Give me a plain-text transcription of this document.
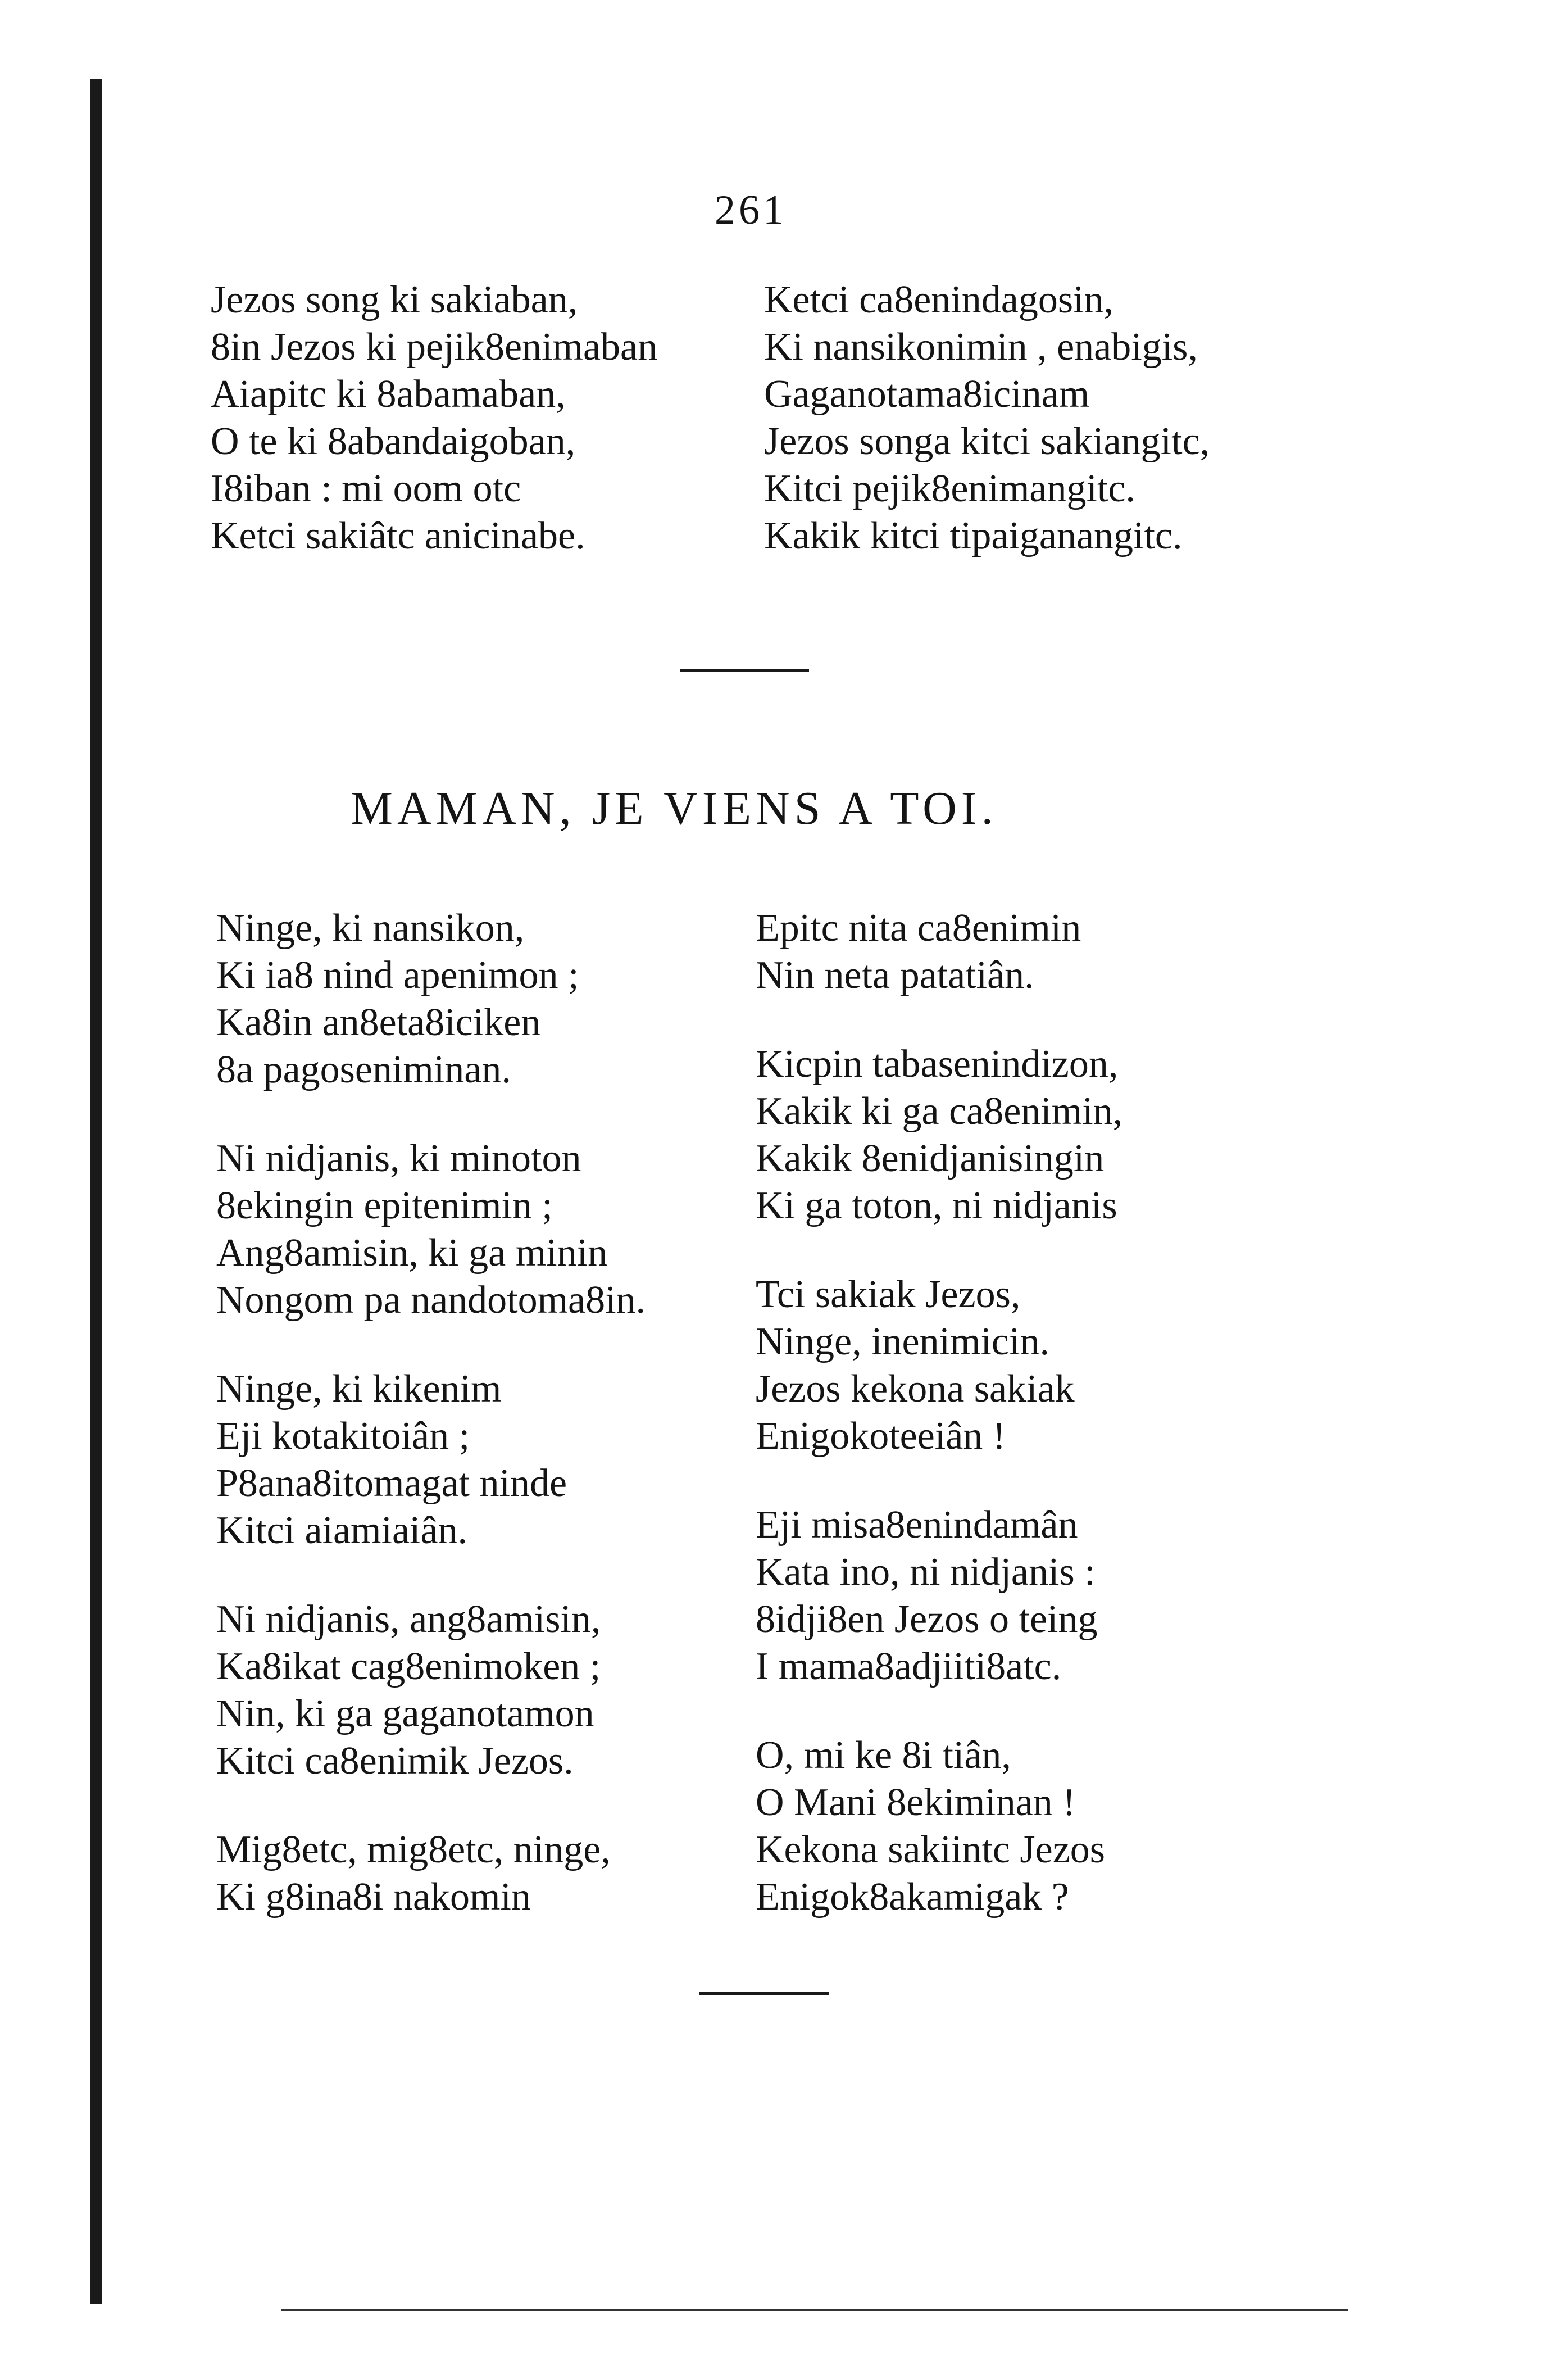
261
Jezos song ki sakiaban,
8in Jezos ki pejik8enimaban
Aiapitc ki 8abamaban,
O te ki 8abandaigoban,
I8iban : mi oom otc
Ketci sakiâtc anicinabe.
Ketci ca8enindagosin,
Ki nansikonimin , enabigis,
Gaganotama8icinam
Jezos songa kitci sakiangitc,
Kitci pejik8enimangitc.
Kakik kitci tipaiganangitc.
MAMAN, JE VIENS A TOI.
Ninge, ki nansikon,
Ki ia8 nind apenimon ;
Ka8in an8eta8iciken
8a pagoseniminan.
Ni nidjanis, ki minoton
8ekingin epitenimin ;
Ang8amisin, ki ga minin
Nongom pa nandotoma8in.
Ninge, ki kikenim
Eji kotakitoiân ;
P8ana8itomagat ninde
Kitci aiamiaiân.
Ni nidjanis, ang8amisin,
Ka8ikat cag8enimoken ;
Nin, ki ga gaganotamon
Kitci ca8enimik Jezos.
Mig8etc, mig8etc, ninge,
Ki g8ina8i nakomin
Epitc nita ca8enimin
Nin neta patatiân.
Kicpin tabasenindizon,
Kakik ki ga ca8enimin,
Kakik 8enidjanisingin
Ki ga toton, ni nidjanis
Tci sakiak Jezos,
Ninge, inenimicin.
Jezos kekona sakiak
Enigokoteeiân !
Eji misa8enindamân
Kata ino, ni nidjanis :
8idji8en Jezos o teing
I mama8adjiiti8atc.
O, mi ke 8i tiân,
O Mani 8ekiminan !
Kekona sakiintc Jezos
Enigok8akamigak ?
